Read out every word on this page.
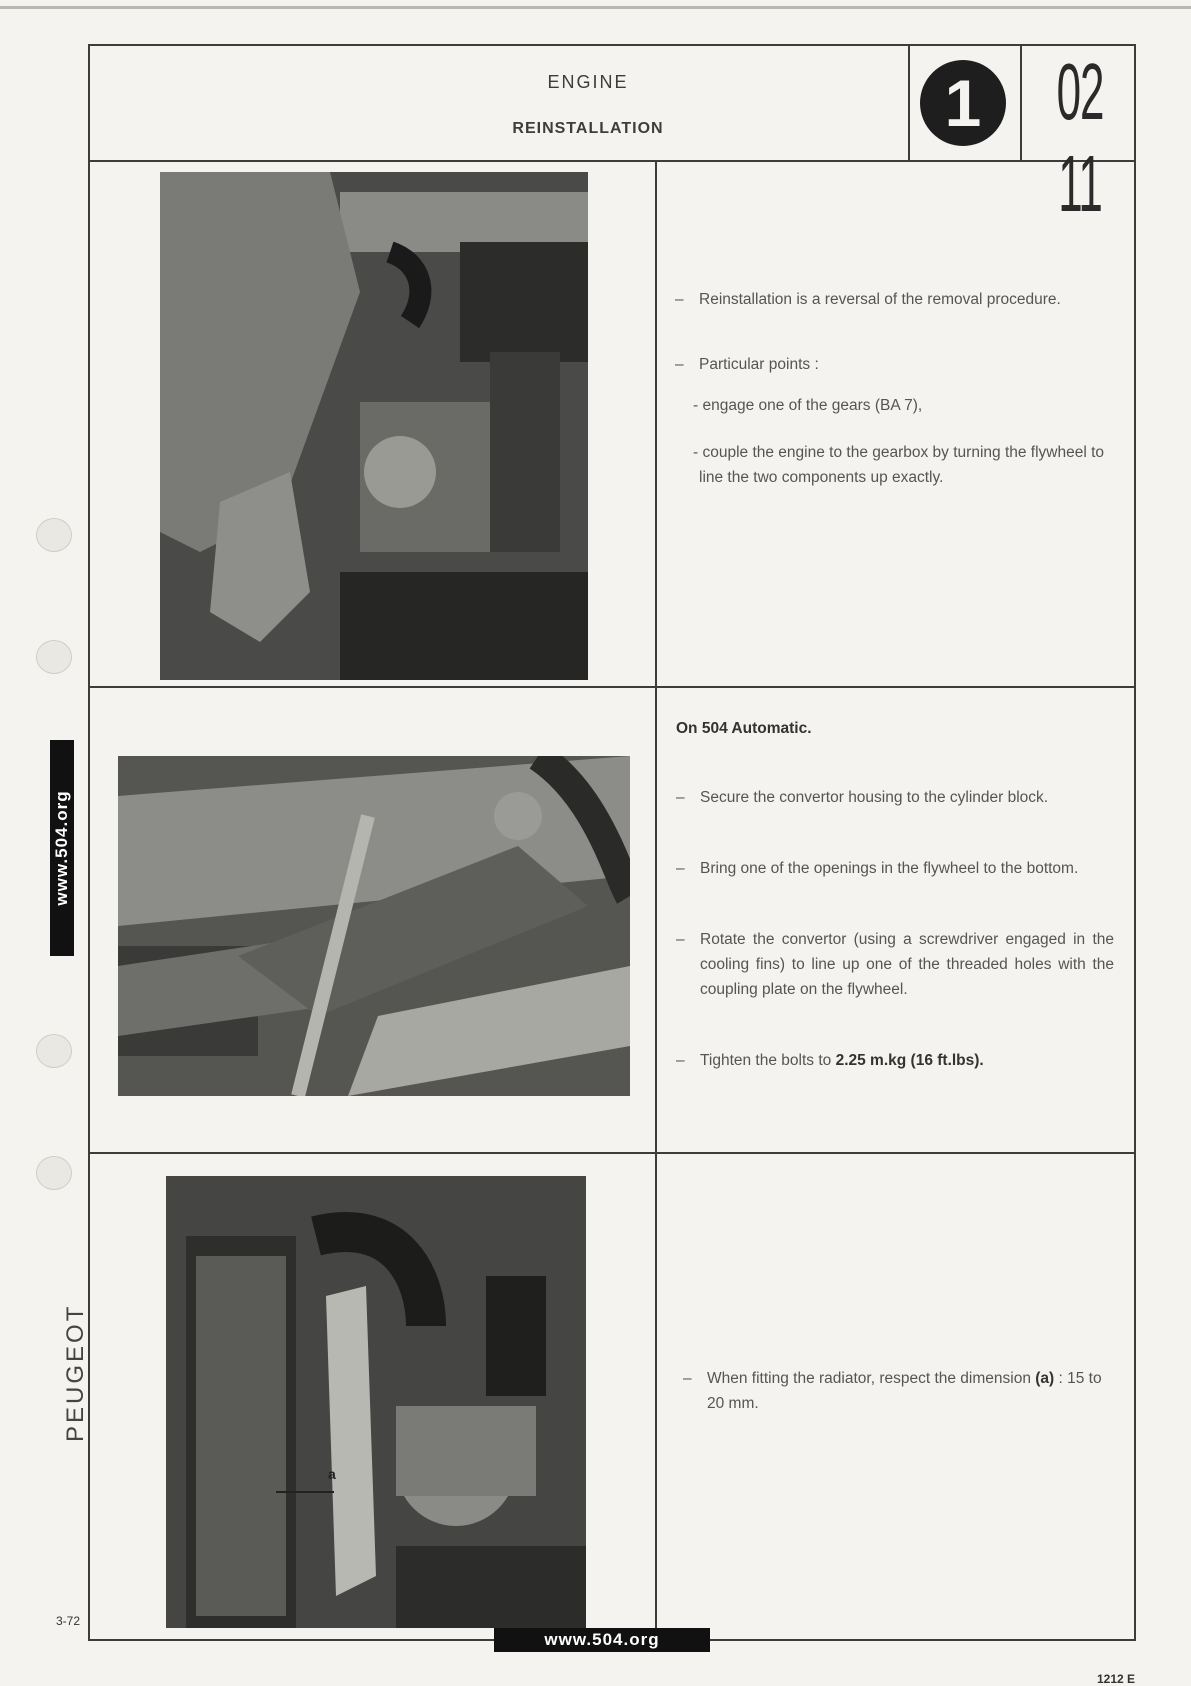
ENGINE
REINSTALLATION	1 02 11
a

– Reinstallation is a reversal of the removal procedure.

– Particular points :

- engage one of the gears (BA 7),

- couple the engine to the gearbox by turning the flywheel to line the two components up exactly.

On 504 Automatic.

– Secure the convertor housing to the cylinder block.

– Bring one of the openings in the flywheel to the bottom.

– Rotate the convertor (using a screwdriver engaged in the cooling fins) to line up one of the threaded holes with the coupling plate on the flywheel.

– Tighten the bolts to 2.25 m.kg (16 ft.lbs).

– When fitting the radiator, respect the dimension (a) : 15 to 20 mm.

www.504.org
PEUGEOT
3-72
www.504.org
1212 E
